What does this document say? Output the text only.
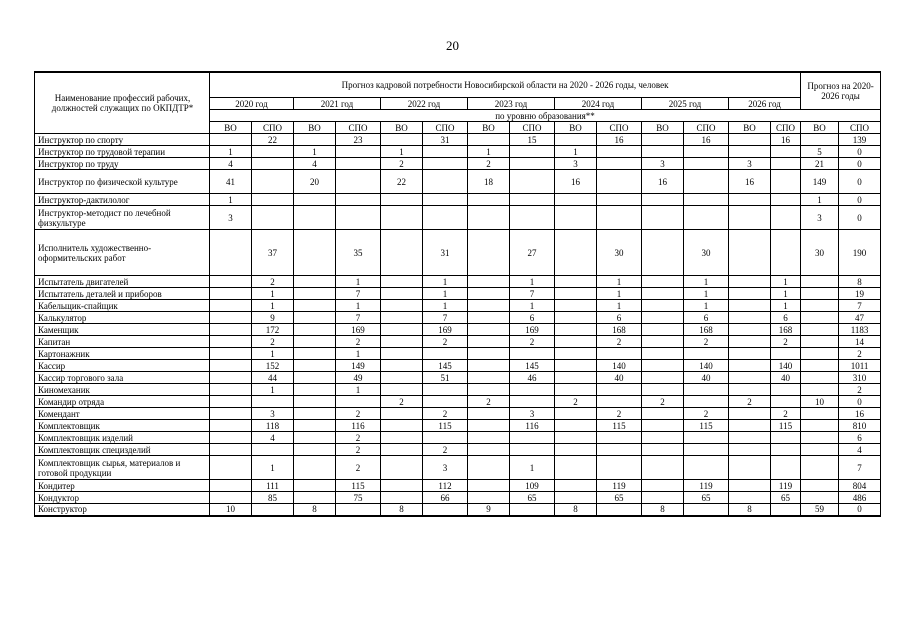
20
Наименование профессий рабочих, должностей служащих по ОКПДТР*	Прогноз кадровой потребности Новосибирской области на 2020 - 2026 годы, человек														Прогноз на 2020-2026 годы	
	2020 год		2021 год		2022 год		2023 год		2024 год		2025 год		2026 год			
	по уровню образования**															
	ВО	СПО	ВО	СПО	ВО	СПО	ВО	СПО	ВО	СПО	ВО	СПО	ВО	СПО	ВО	СПО
Инструктор по спорту		22		23		31		15		16		16		16		139
Инструктор по трудовой терапии	1		1		1		1		1						5	0
Инструктор по труду	4		4		2		2		3		3		3		21	0
Инструктор по физической культуре	41		20		22		18		16		16		16		149	0
Инструктор-дактилолог	1														1	0
Инструктор-методист по лечебной физкультуре	3														3	0
Исполнитель художественно-оформительских работ		37		35		31		27		30		30			30	190
Испытатель двигателей		2		1		1		1		1		1		1		8
Испытатель деталей и приборов		1		7		1		7		1		1		1		19
Кабельщик-спайщик		1		1		1		1		1		1		1		7
Калькулятор		9		7		7		6		6		6		6		47
Каменщик		172		169		169		169		168		168		168		1183
Капитан		2		2		2		2		2		2		2		14
Картонажник		1		1												2
Кассир		152		149		145		145		140		140		140		1011
Кассир торгового зала		44		49		51		46		40		40		40		310
Киномеханик		1		1												2
Командир отряда					2		2		2		2		2		10	0
Комендант		3		2		2		3		2		2		2		16
Комплектовщик		118		116		115		116		115		115		115		810
Комплектовщик изделий		4		2												6
Комплектовщик специзделий				2		2										4
Комплектовщик сырья, материалов и готовой продукции		1		2		3		1								7
Кондитер		111		115		112		109		119		119		119		804
Кондуктор		85		75		66		65		65		65		65		486
Конструктор	10		8		8		9		8		8		8		59	0
